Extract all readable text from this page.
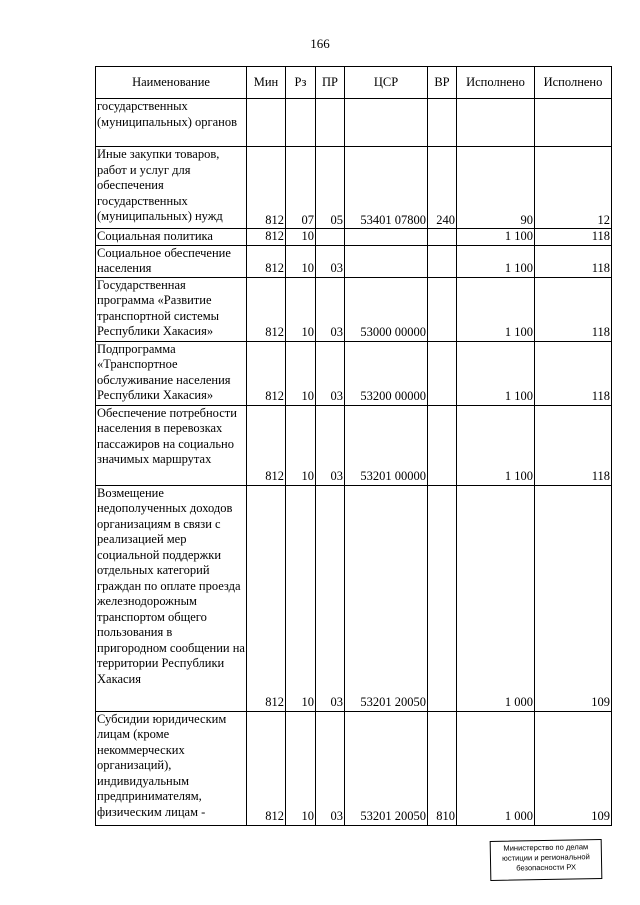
166
Наименование	Мин	Рз	ПР	ЦСР	ВР	Исполнено	Исполнено
государственных (муниципальных) органов							
Иные закупки товаров, работ и услуг для обеспечения государственных (муниципальных) нужд	812	07	05	53401 07800	240	90	12
Социальная политика	812	10				1 100	118
Социальное обеспечение населения	812	10	03			1 100	118
Государственная программа «Развитие транспортной системы Республики Хакасия»	812	10	03	53000 00000		1 100	118
Подпрограмма «Транспортное обслуживание населения Республики Хакасия»	812	10	03	53200 00000		1 100	118
Обеспечение потребности населения в перевозках пассажиров на социально значимых маршрутах	812	10	03	53201 00000		1 100	118
Возмещение недополученных доходов организациям в связи с реализацией мер социальной поддержки отдельных категорий граждан по оплате проезда железнодорожным транспортом общего пользования в пригородном сообщении на территории Республики Хакасия	812	10	03	53201 20050		1 000	109
Субсидии юридическим лицам (кроме некоммерческих организаций), индивидуальным предпринимателям, физическим лицам -	812	10	03	53201 20050	810	1 000	109
Министерство по делам
юстиции и региональной
безопасности РХ
